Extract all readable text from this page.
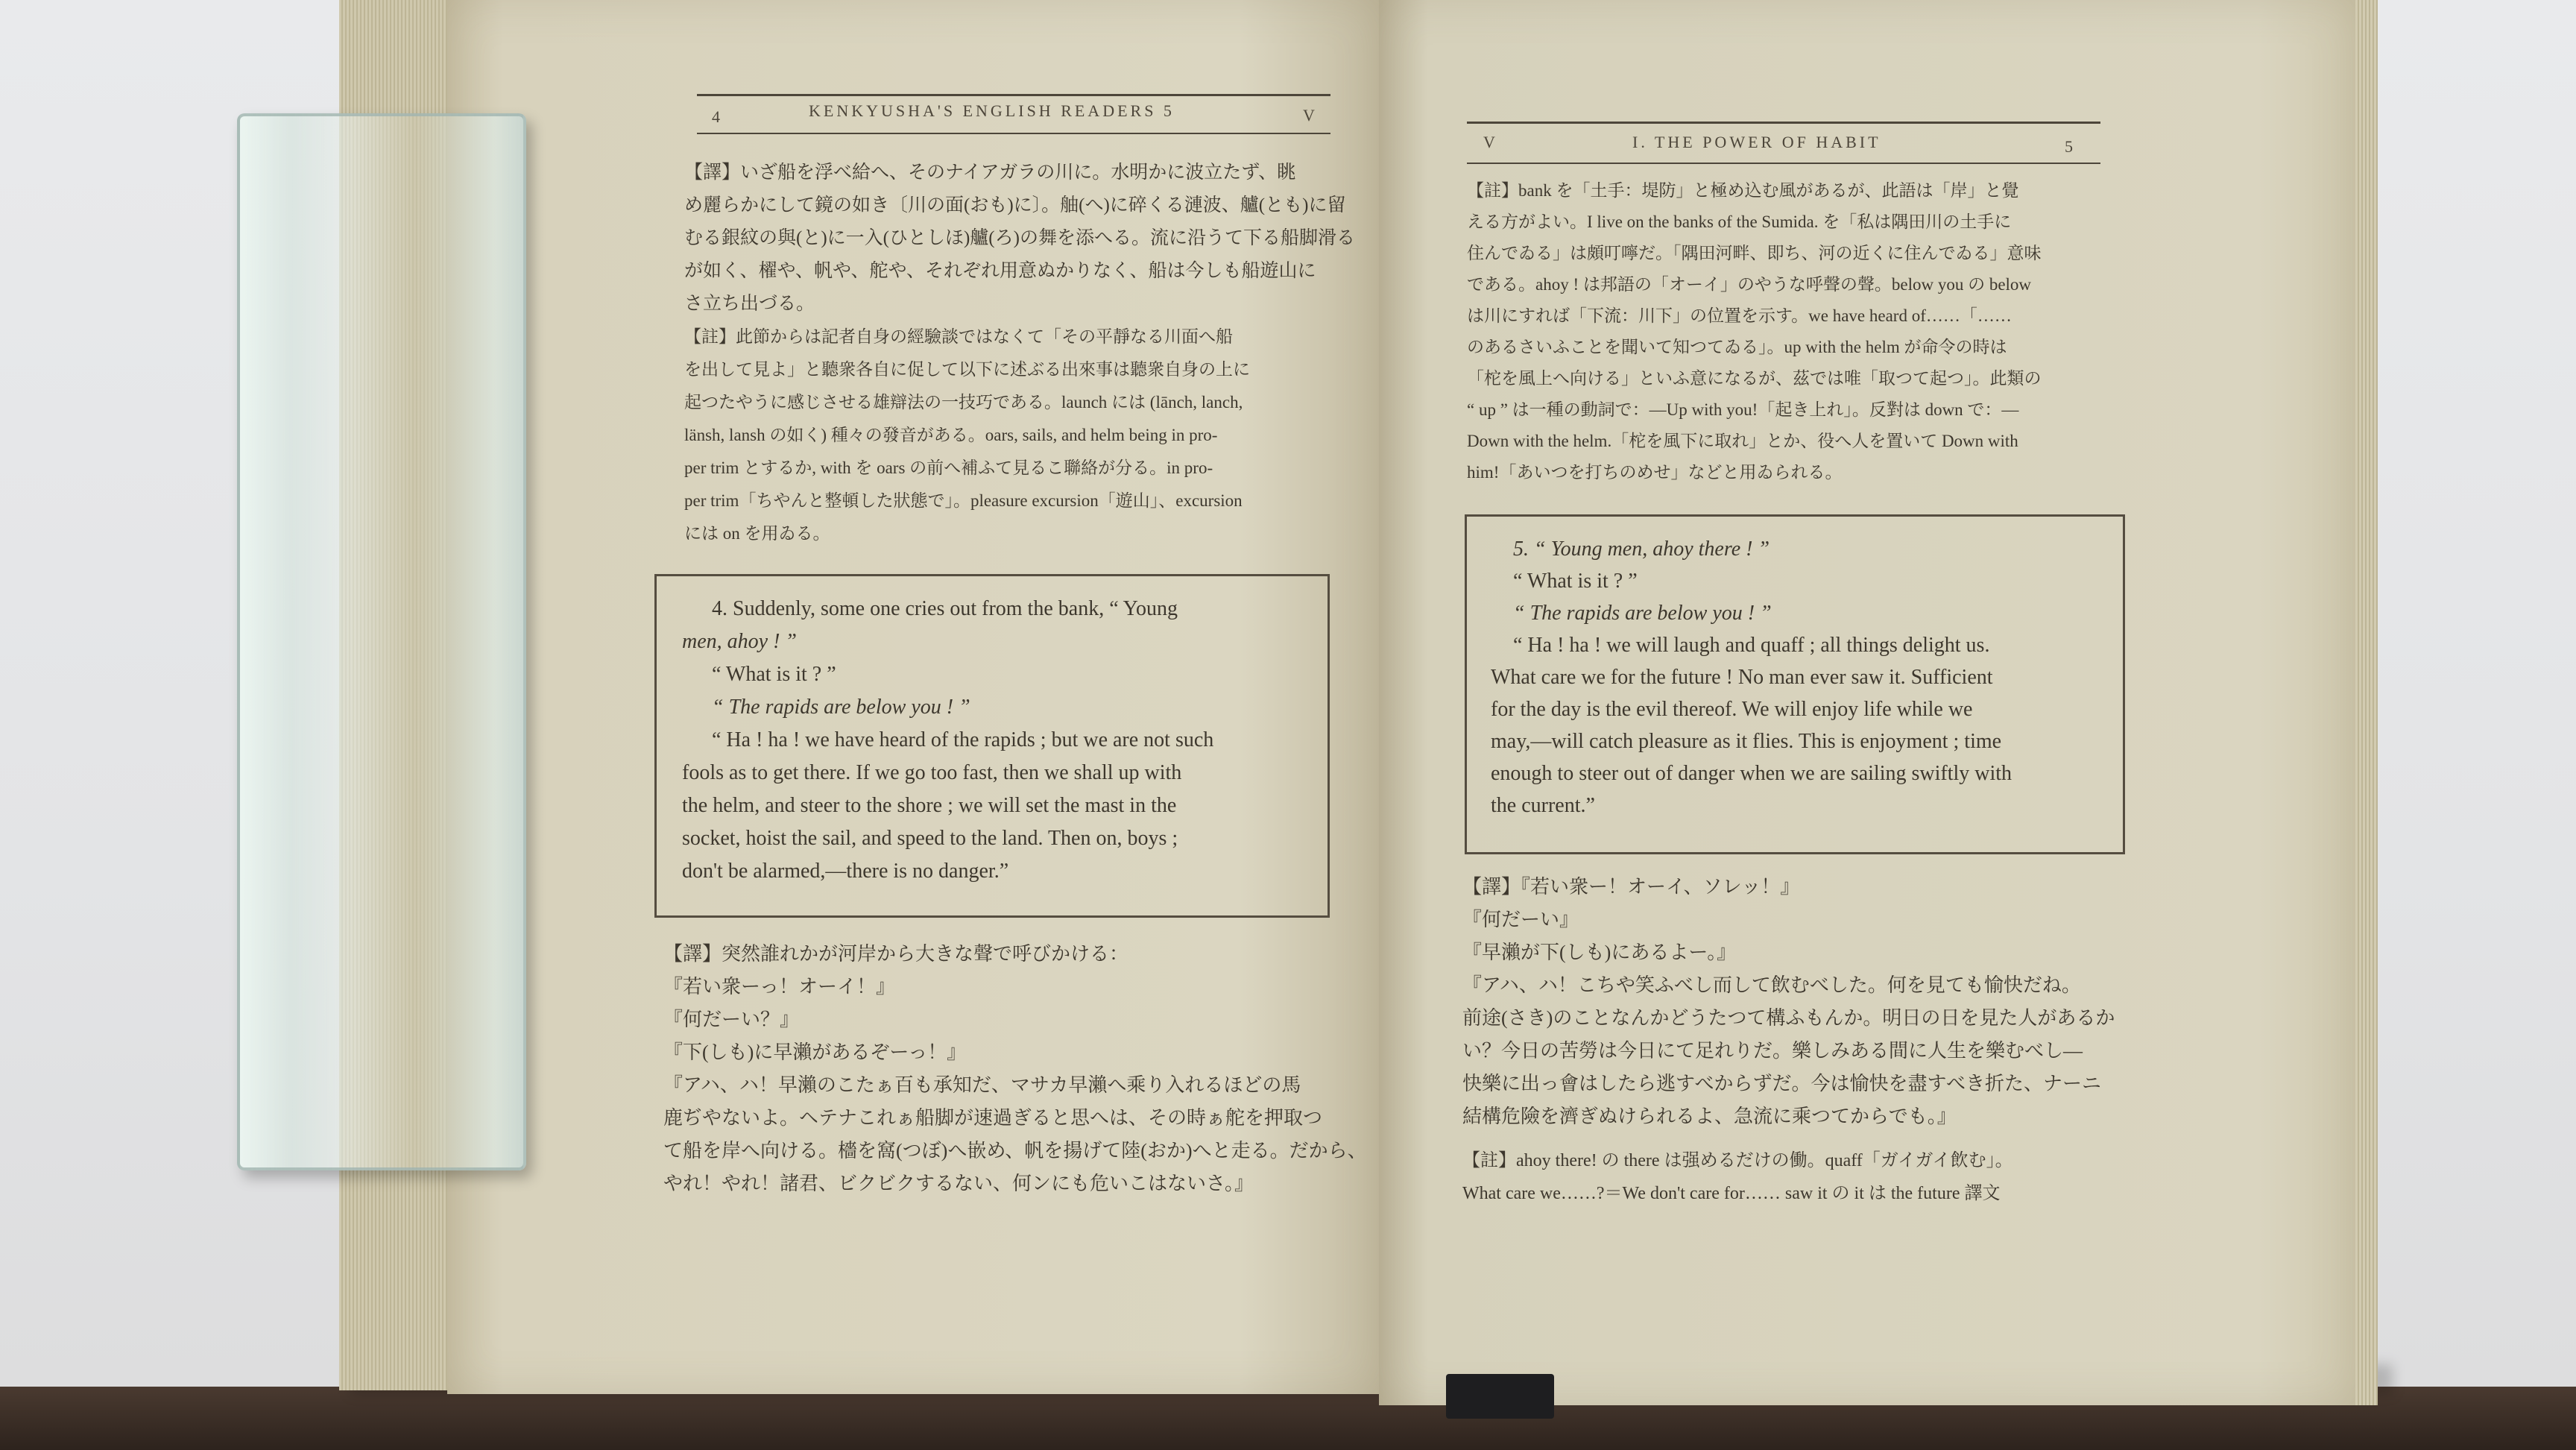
4	KENKYUSHA'S ENGLISH READERS 5	V
【譯】いざ船を浮べ給へ、そのナイアガラの川に。水明かに波立たず、眺
め麗らかにして鏡の如き〔川の面(おも)に〕。舳(へ)に碎くる漣波、艫(とも)に留
むる銀紋の與(と)に一入(ひとしほ)艫(ろ)の舞を添へる。流に沿うて下る船脚滑る
が如く、櫂や、帆や、舵や、それぞれ用意ぬかりなく、船は今しも船遊山に
さ立ち出づる。
【註】此節からは記者自身の經驗談ではなくて「その平靜なる川面へ船
を出して見よ」と聽衆各自に促して以下に述ぶる出來事は聽衆自身の上に
起つたやうに感じさせる雄辯法の一技巧である。launch には (lānch, lanch,
länsh, lansh の如く) 種々の發音がある。oars, sails, and helm being in pro-
per trim とするか, with を oars の前へ補ふて見るこ聯絡が分る。in pro-
per trim「ちやんと整頓した狀態で」。pleasure excursion「遊山」、excursion
には on を用ゐる。
4. Suddenly, some one cries out from the bank, “ Young
men, ahoy ! ”
“ What is it ? ”
“ The rapids are below you ! ”
“ Ha ! ha ! we have heard of the rapids ; but we are not such
fools as to get there. If we go too fast, then we shall up with
the helm, and steer to the shore ; we will set the mast in the
socket, hoist the sail, and speed to the land. Then on, boys ;
don't be alarmed,—there is no danger.”
【譯】突然誰れかが河岸から大きな聲で呼びかける：
『若い衆ーっ！オーイ！』
『何だーい？』
『下(しも)に早瀨があるぞーっ！』
『アハ、ハ！早瀨のこたぁ百も承知だ、マサカ早瀨へ乘り入れるほどの馬
鹿ぢやないよ。ヘテナこれぁ船脚が速過ぎると思へは、その時ぁ舵を押取つ
て船を岸へ向ける。檣を窩(つぼ)へ嵌め、帆を揚げて陸(おか)へと走る。だから、
やれ！やれ！諸君、ビクビクするない、何ンにも危いこはないさ。』
V	I. THE POWER OF HABIT	5
【註】bank を「土手：堤防」と極め込む風があるが、此語は「岸」と覺
える方がよい。I live on the banks of the Sumida. を「私は隅田川の土手に
住んでゐる」は頗叮嚀だ。「隅田河畔、即ち、河の近くに住んでゐる」意味
である。ahoy ! は邦語の「オーイ」のやうな呼聲の聲。below you の below
は川にすれば「下流：川下」の位置を示す。we have heard of……「……
のあるさいふことを聞いて知つてゐる」。up with the helm が命令の時は
「柁を風上へ向ける」といふ意になるが、茲では唯「取つて起つ」。此類の
“ up ” は一種の動詞で：—Up with you!「起き上れ」。反對は down で：—
Down with the helm.「柁を風下に取れ」とか、役へ人を置いて Down with
him!「あいつを打ちのめせ」などと用ゐられる。
5. “ Young men, ahoy there ! ”
“ What is it ? ”
“ The rapids are below you ! ”
“ Ha ! ha ! we will laugh and quaff ; all things delight us.
What care we for the future ! No man ever saw it. Sufficient
for the day is the evil thereof. We will enjoy life while we
may,—will catch pleasure as it flies. This is enjoyment ; time
enough to steer out of danger when we are sailing swiftly with
the current.”
【譯】『若い衆ー！オーイ、ソレッ！』
『何だーい』
『早瀨が下(しも)にあるよー。』
『アハ、ハ！こちや笑ふべし而して飲むべした。何を見ても愉快だね。
前途(さき)のことなんかどうたつて構ふもんか。明日の日を見た人があるか
い？今日の苦勞は今日にて足れりだ。樂しみある間に人生を樂むべし—
快樂に出っ會はしたら逃すべからずだ。今は愉快を盡すべき折た、ナーニ
結構危險を濟ぎぬけられるよ、急流に乘つてからでも。』
【註】ahoy there! の there は强めるだけの働。quaff「ガイガイ飲む」。
What care we……?＝We don't care for…… saw it の it は the future 譯文
